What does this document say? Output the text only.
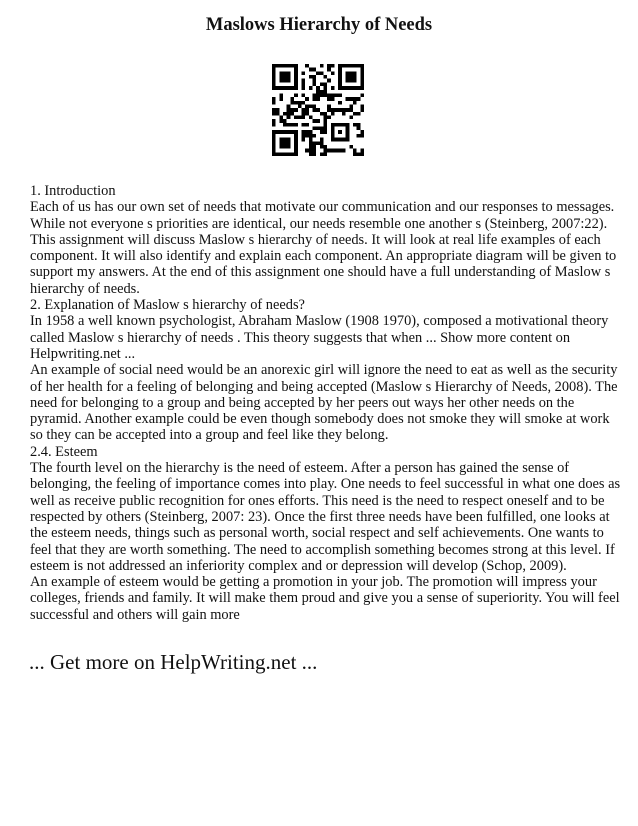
Maslows Hierarchy of Needs
1. Introduction
Each of us has our own set of needs that motivate our communication and our responses to messages.
While not everyone s priorities are identical, our needs resemble one another s (Steinberg, 2007:22).
This assignment will discuss Maslow s hierarchy of needs. It will look at real life examples of each
component. It will also identify and explain each component. An appropriate diagram will be given to
support my answers. At the end of this assignment one should have a full understanding of Maslow s
hierarchy of needs.
2. Explanation of Maslow s hierarchy of needs?
In 1958 a well known psychologist, Abraham Maslow (1908 1970), composed a motivational theory
called Maslow s hierarchy of needs . This theory suggests that when ... Show more content on
Helpwriting.net ...
An example of social need would be an anorexic girl will ignore the need to eat as well as the security
of her health for a feeling of belonging and being accepted (Maslow s Hierarchy of Needs, 2008). The
need for belonging to a group and being accepted by her peers out ways her other needs on the
pyramid. Another example could be even though somebody does not smoke they will smoke at work
so they can be accepted into a group and feel like they belong.
2.4. Esteem
The fourth level on the hierarchy is the need of esteem. After a person has gained the sense of
belonging, the feeling of importance comes into play. One needs to feel successful in what one does as
well as receive public recognition for ones efforts. This need is the need to respect oneself and to be
respected by others (Steinberg, 2007: 23). Once the first three needs have been fulfilled, one looks at
the esteem needs, things such as personal worth, social respect and self achievements. One wants to
feel that they are worth something. The need to accomplish something becomes strong at this level. If
esteem is not addressed an inferiority complex and or depression will develop (Schop, 2009).
An example of esteem would be getting a promotion in your job. The promotion will impress your
colleges, friends and family. It will make them proud and give you a sense of superiority. You will feel
successful and others will gain more
... Get more on HelpWriting.net ...
